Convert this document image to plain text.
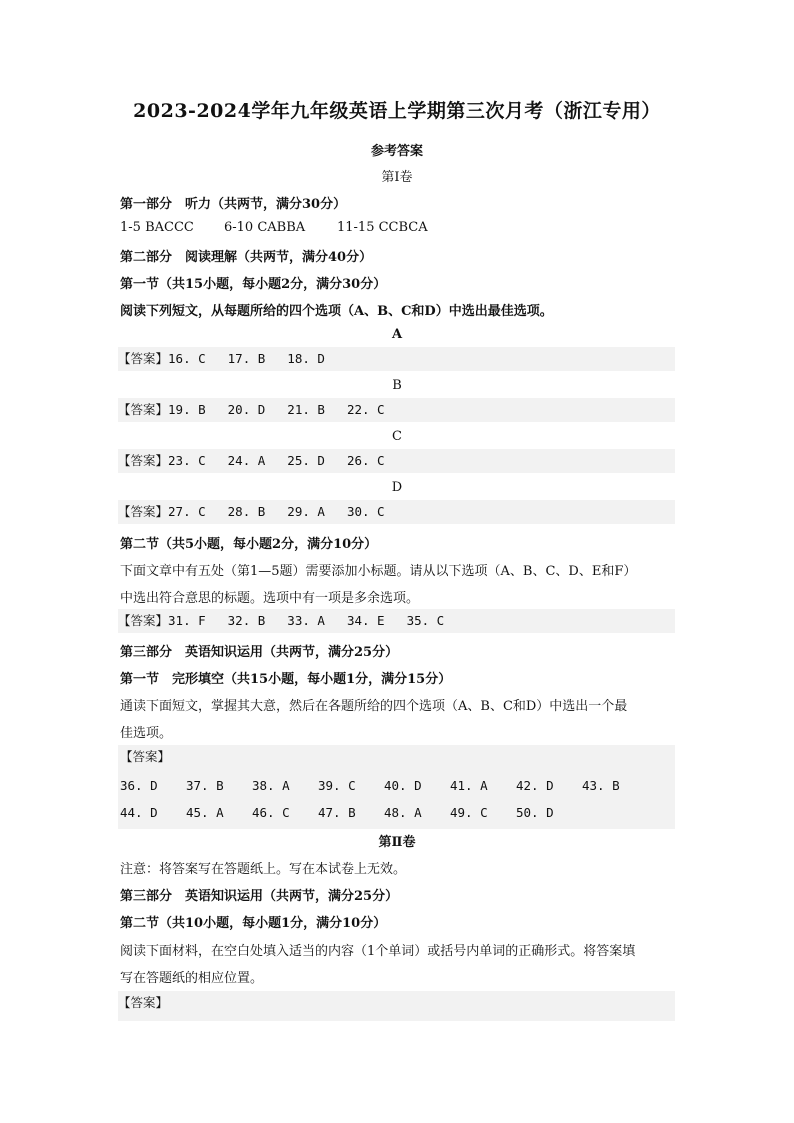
2023-2024学年九年级英语上学期第三次月考（浙江专用）
参考答案
第Ⅰ卷
第一部分　听力（共两节，满分30分）
1-5 BACCC 6-10 CABBA 11-15 CCBCA
第二部分　阅读理解（共两节，满分40分）
第一节（共15小题，每小题2分，满分30分）
阅读下列短文，从每题所给的四个选项（A、B、C和D）中选出最佳选项。
A
【答案】16. C 17. B 18. D
B
【答案】19. B 20. D 21. B 22. C
C
【答案】23. C 24. A 25. D 26. C
D
【答案】27. C 28. B 29. A 30. C
第二节（共5小题，每小题2分，满分10分）
下面文章中有五处（第1—5题）需要添加小标题。请从以下选项（A、B、C、D、E和F）
中选出符合意思的标题。选项中有一项是多余选项。
【答案】31. F 32. B 33. A 34. E 35. C
第三部分　英语知识运用（共两节，满分25分）
第一节　完形填空（共15小题，每小题1分，满分15分）
通读下面短文，掌握其大意，然后在各题所给的四个选项（A、B、C和D）中选出一个最
佳选项。
【答案】
36. D 37. B 38. A 39. C 40. D 41. A 42. D 43. B
44. D 45. A 46. C 47. B 48. A 49. C 50. D
第Ⅱ卷
注意：将答案写在答题纸上。写在本试卷上无效。
第三部分　英语知识运用（共两节，满分25分）
第二节（共10小题，每小题1分，满分10分）
阅读下面材料，在空白处填入适当的内容（1个单词）或括号内单词的正确形式。将答案填
写在答题纸的相应位置。
【答案】
